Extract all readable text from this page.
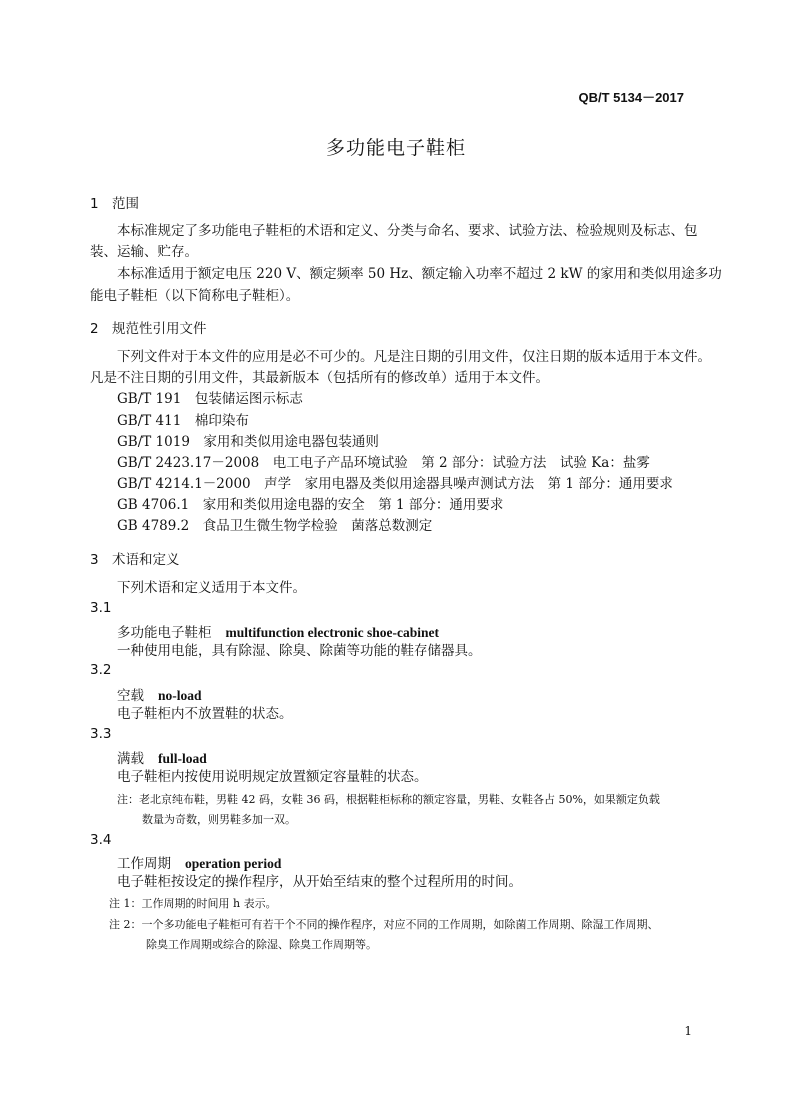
QB/T 5134－2017
多功能电子鞋柜
1 范围
本标准规定了多功能电子鞋柜的术语和定义、分类与命名、要求、试验方法、检验规则及标志、包
装、运输、贮存。
本标准适用于额定电压 220 V、额定频率 50 Hz、额定输入功率不超过 2 kW 的家用和类似用途多功
能电子鞋柜（以下简称电子鞋柜）。
2 规范性引用文件
下列文件对于本文件的应用是必不可少的。凡是注日期的引用文件，仅注日期的版本适用于本文件。
凡是不注日期的引用文件，其最新版本（包括所有的修改单）适用于本文件。
GB/T 191　包装储运图示标志
GB/T 411　棉印染布
GB/T 1019　家用和类似用途电器包装通则
GB/T 2423.17－2008　电工电子产品环境试验　第 2 部分：试验方法　试验 Ka：盐雾
GB/T 4214.1－2000　声学　家用电器及类似用途器具噪声测试方法　第 1 部分：通用要求
GB 4706.1　家用和类似用途电器的安全　第 1 部分：通用要求
GB 4789.2　食品卫生微生物学检验　菌落总数测定
3 术语和定义
下列术语和定义适用于本文件。
3.1
多功能电子鞋柜 multifunction electronic shoe-cabinet
一种使用电能，具有除湿、除臭、除菌等功能的鞋存储器具。
3.2
空载 no-load
电子鞋柜内不放置鞋的状态。
3.3
满载 full-load
电子鞋柜内按使用说明规定放置额定容量鞋的状态。
注：老北京纯布鞋，男鞋 42 码，女鞋 36 码，根据鞋柜标称的额定容量，男鞋、女鞋各占 50%，如果额定负载
数量为奇数，则男鞋多加一双。
3.4
工作周期 operation period
电子鞋柜按设定的操作程序，从开始至结束的整个过程所用的时间。
注 1：工作周期的时间用 h 表示。
注 2：一个多功能电子鞋柜可有若干个不同的操作程序，对应不同的工作周期，如除菌工作周期、除湿工作周期、
除臭工作周期或综合的除湿、除臭工作周期等。
1
